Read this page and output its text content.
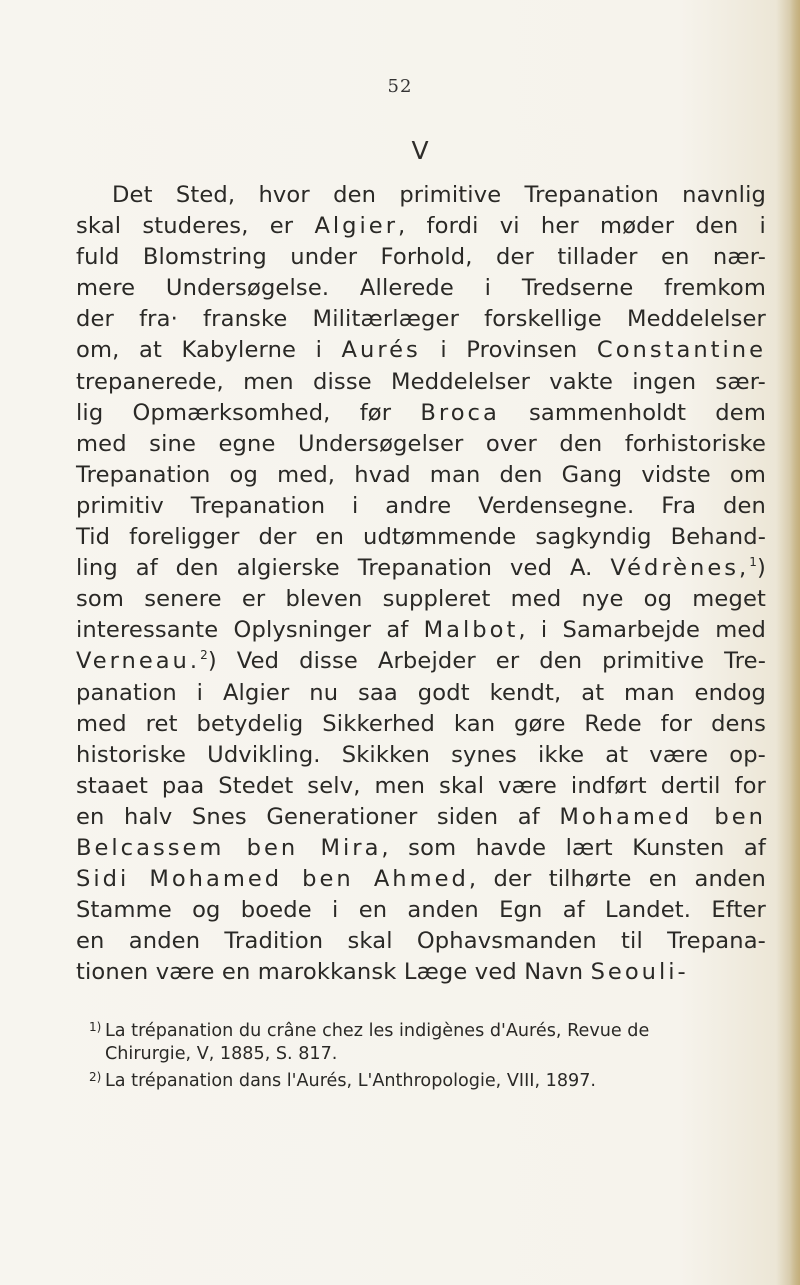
52
V
Det Sted, hvor den primitive Trepanation navnlig
skal studeres, er Algier, fordi vi her møder den i
fuld Blomstring under Forhold, der tillader en nær-
mere Undersøgelse. Allerede i Tredserne fremkom
der fra· franske Militærlæger forskellige Meddelelser
om, at Kabylerne i Aurés i Provinsen Constantine
trepanerede, men disse Meddelelser vakte ingen sær-
lig Opmærksomhed, før Broca sammenholdt dem
med sine egne Undersøgelser over den forhistoriske
Trepanation og med, hvad man den Gang vidste om
primitiv Trepanation i andre Verdensegne. Fra den
Tid foreligger der en udtømmende sagkyndig Behand-
ling af den algierske Trepanation ved A. Védrènes,$^1$)
som senere er bleven suppleret med nye og meget
interessante Oplysninger af Malbot, i Samarbejde med
Verneau.$^2$) Ved disse Arbejder er den primitive Tre-
panation i Algier nu saa godt kendt, at man endog
med ret betydelig Sikkerhed kan gøre Rede for dens
historiske Udvikling. Skikken synes ikke at være op-
staaet paa Stedet selv, men skal være indført dertil for
en halv Snes Generationer siden af Mohamed ben
Belcassem ben Mira, som havde lært Kunsten af
Sidi Mohamed ben Ahmed, der tilhørte en anden
Stamme og boede i en anden Egn af Landet. Efter
en anden Tradition skal Ophavsmanden til Trepana-
tionen være en marokkansk Læge ved Navn Seouli-
1) La trépanation du crâne chez les indigènes d'Aurés, Revue de
Chirurgie, V, 1885, S. 817.
2) La trépanation dans l'Aurés, L'Anthropologie, VIII, 1897.
